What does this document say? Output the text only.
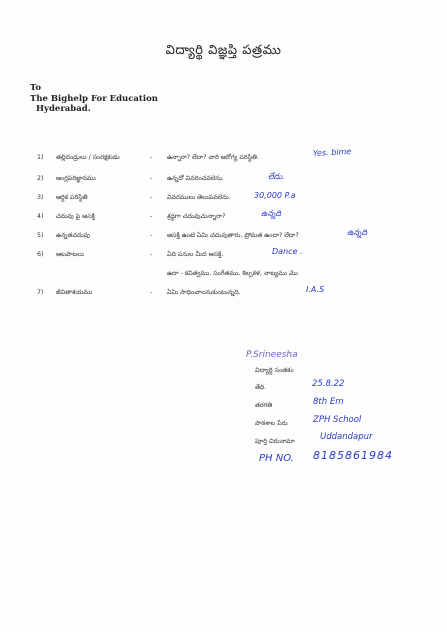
విద్యార్థి విజ్ఞప్తి పత్రము
To
The Bighelp For Education
Hyderabad.
1) తల్లిదండ్రులు / సంరక్షకుడు	- ఉన్నారా? లేదా? వారి ఆరోగ్య పరిస్థితి.	Yes. bime
2) ఆంగ్లపరిజ్ఞానము	- ఉన్నదో వివరించవలెను.	లేదు.
3) ఆర్థిక పరిస్థితి	- వివరములు తెలుపవలెను.	30,000 P.a
4) చదువు పై ఆసక్తి	- శ్రద్ధగా చదువుచున్నారా?	ఉన్నది
5) ఉన్నతచదువు	- ఆసక్తి ఉంటె ఏమి చదువుతారు, ప్రోమత ఉందా? లేదా?	ఉన్నది
6) ఆటపాటలు	- ఏది పనుల మీద ఆసక్తి.	Dance .
ఉదా - కవిత్వము, సంగీతము, శిల్పకళ, నాట్యము మొ
7) జీవితాశయము	- ఏమి సాధించాలనుకుంటున్నది.	I.A.S
P.Srineesha
విద్యార్థి సంతకం
తేది.	25.8.22
తరగతి	8th Em
పాఠశాల పేరు	ZPH School
పూర్తి చిరునామా	Uddandapur
PH NO. 8185861984
